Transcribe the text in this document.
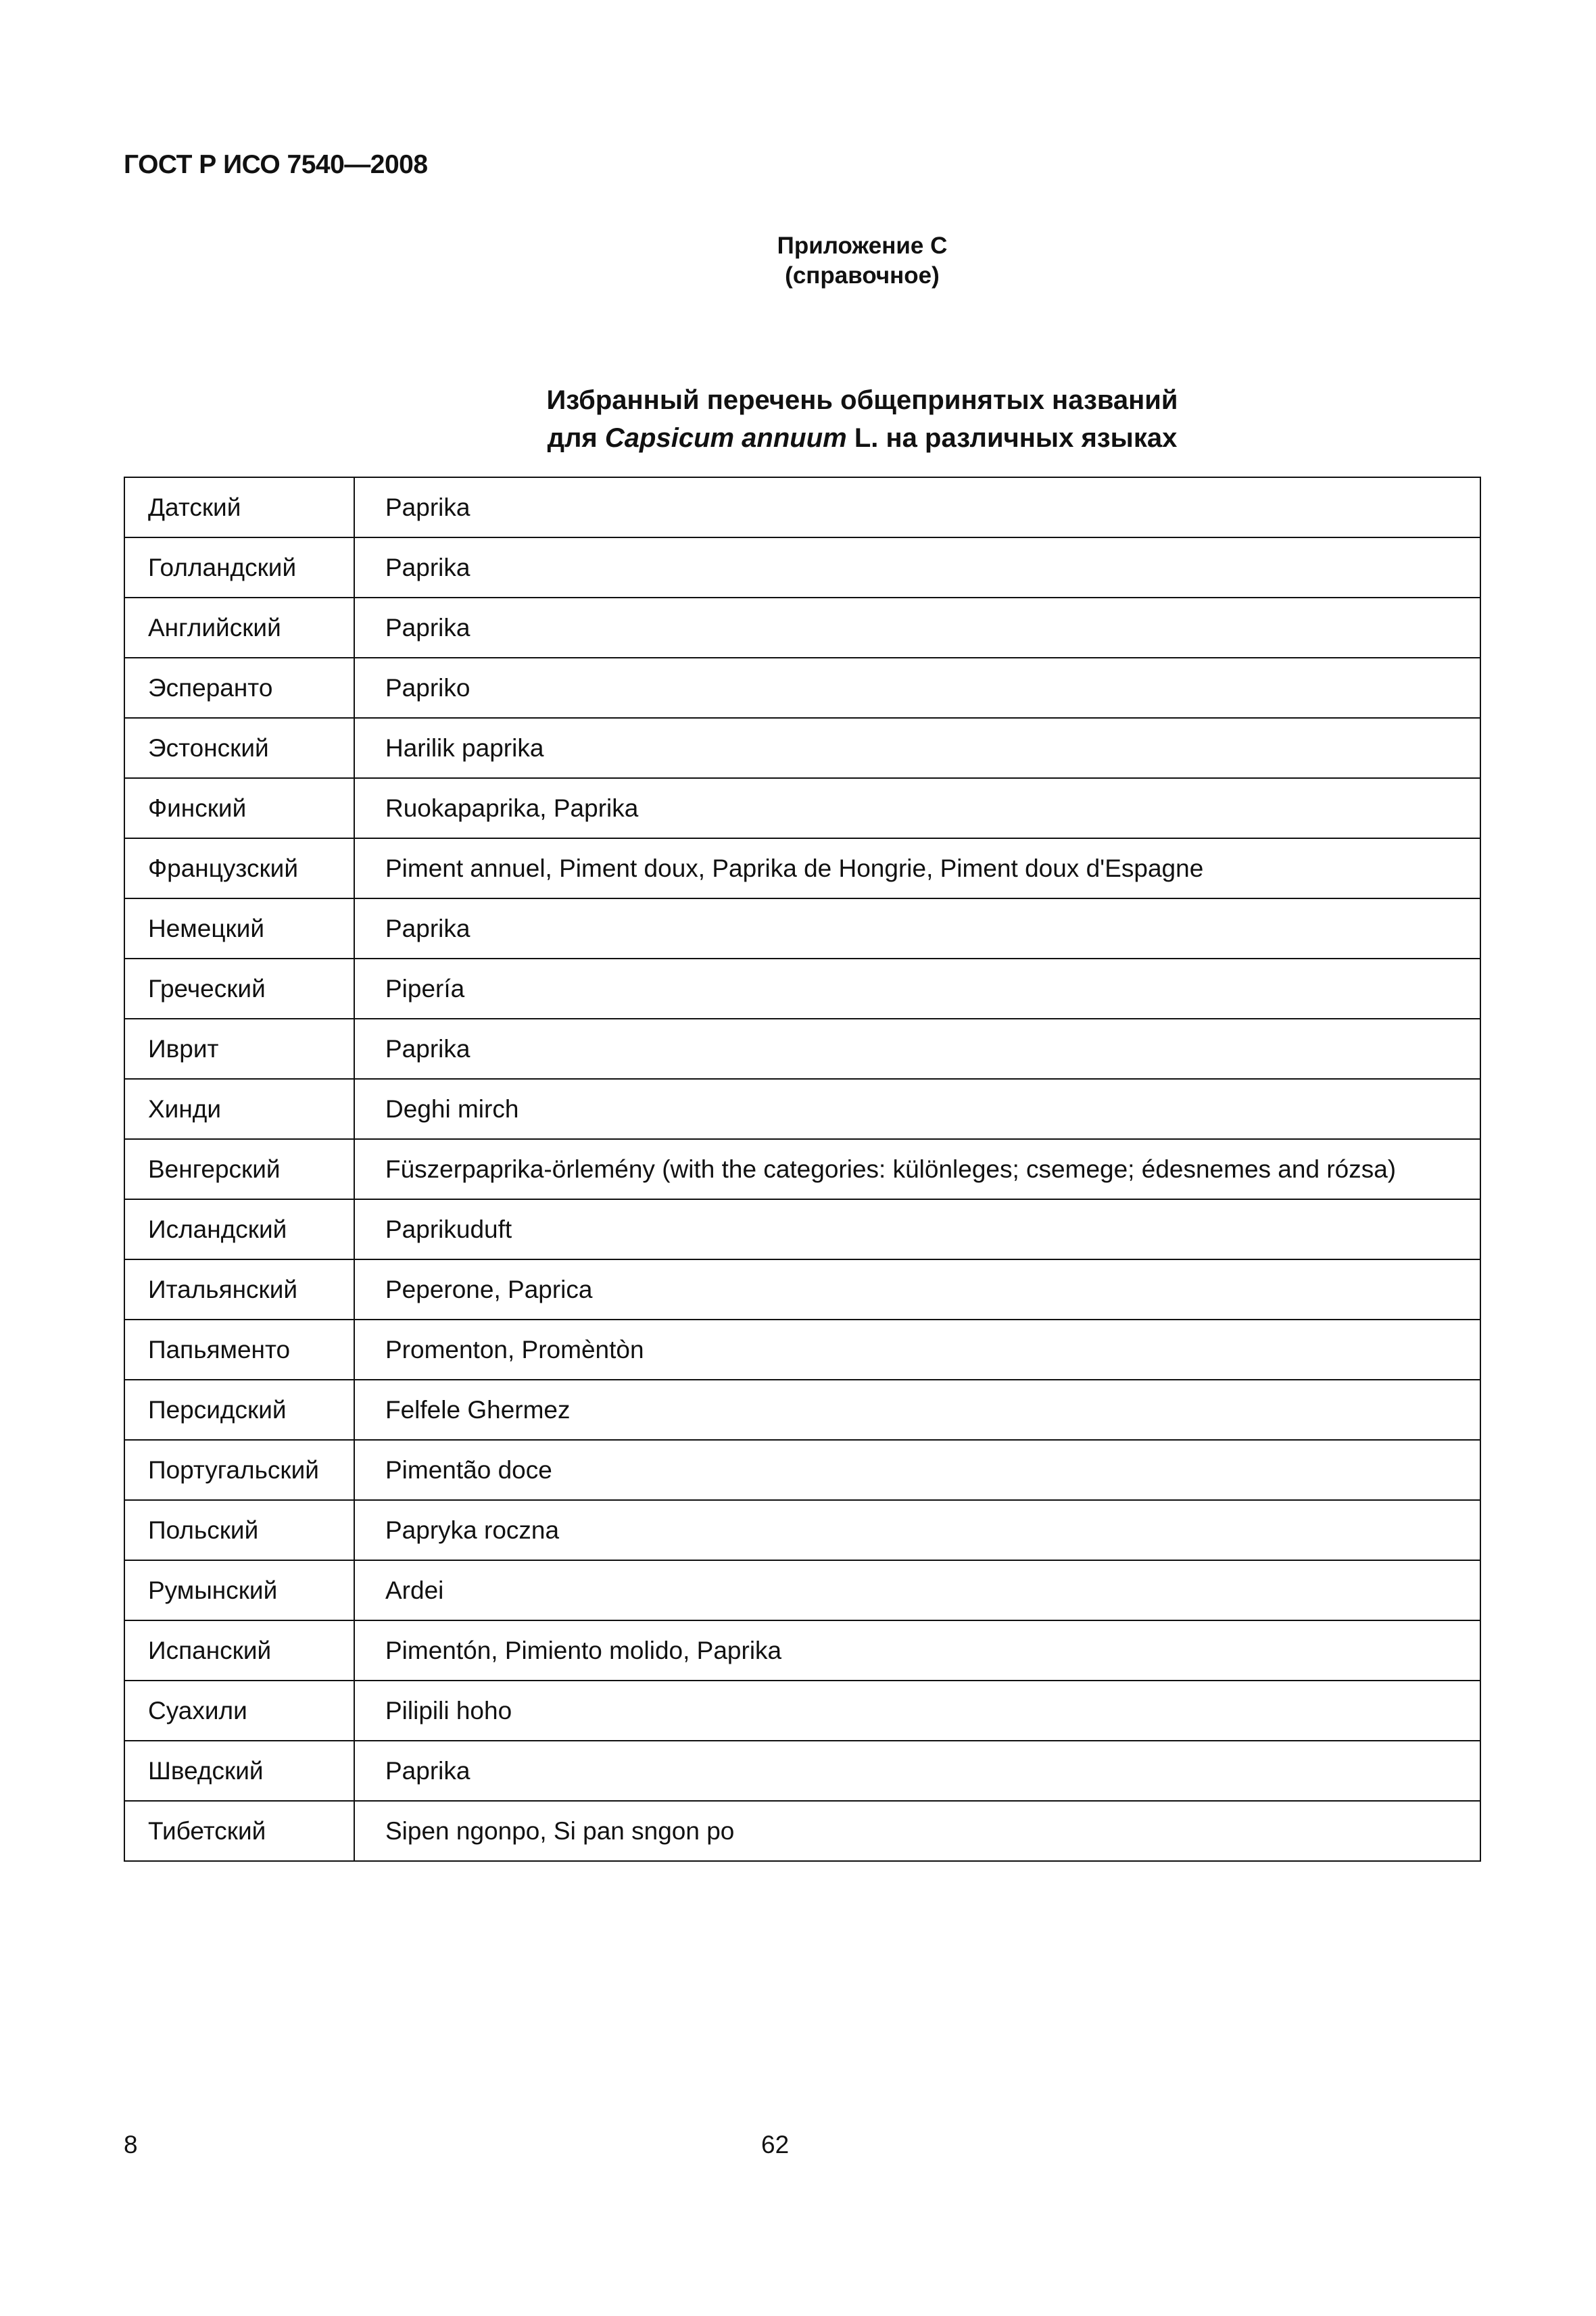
ГОСТ Р ИСО 7540—2008
Приложение С
(справочное)
Избранный перечень общепринятых названий
для Capsicum annuum L. на различных языках
Датский	Paprika
Голландский	Paprika
Английский	Paprika
Эсперанто	Papriko
Эстонский	Harilik paprika
Финский	Ruokapaprika, Paprika
Французский	Piment annuel, Piment doux, Paprika de Hongrie, Piment doux d'Espagne
Немецкий	Paprika
Греческий	Pipería
Иврит	Paprika
Хинди	Deghi mirch
Венгерский	Füszerpaprika-örlemény (with the categories: különleges; csemege; édesnemes and rózsa)
Исландский	Paprikuduft
Итальянский	Peperone, Paprica
Папьяменто	Promenton, Promèntòn
Персидский	Felfele Ghermez
Португальский	Pimentão doce
Польский	Papryka roczna
Румынский	Ardei
Испанский	Pimentón, Pimiento molido, Paprika
Суахили	Pilipili hoho
Шведский	Paprika
Тибетский	Sipen ngonpo, Si pan sngon po
8	62
